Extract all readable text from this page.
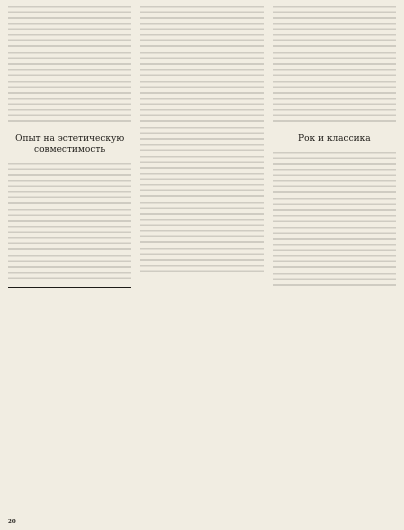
Опыт на эстетическую совместимость

Рок и классика

20
